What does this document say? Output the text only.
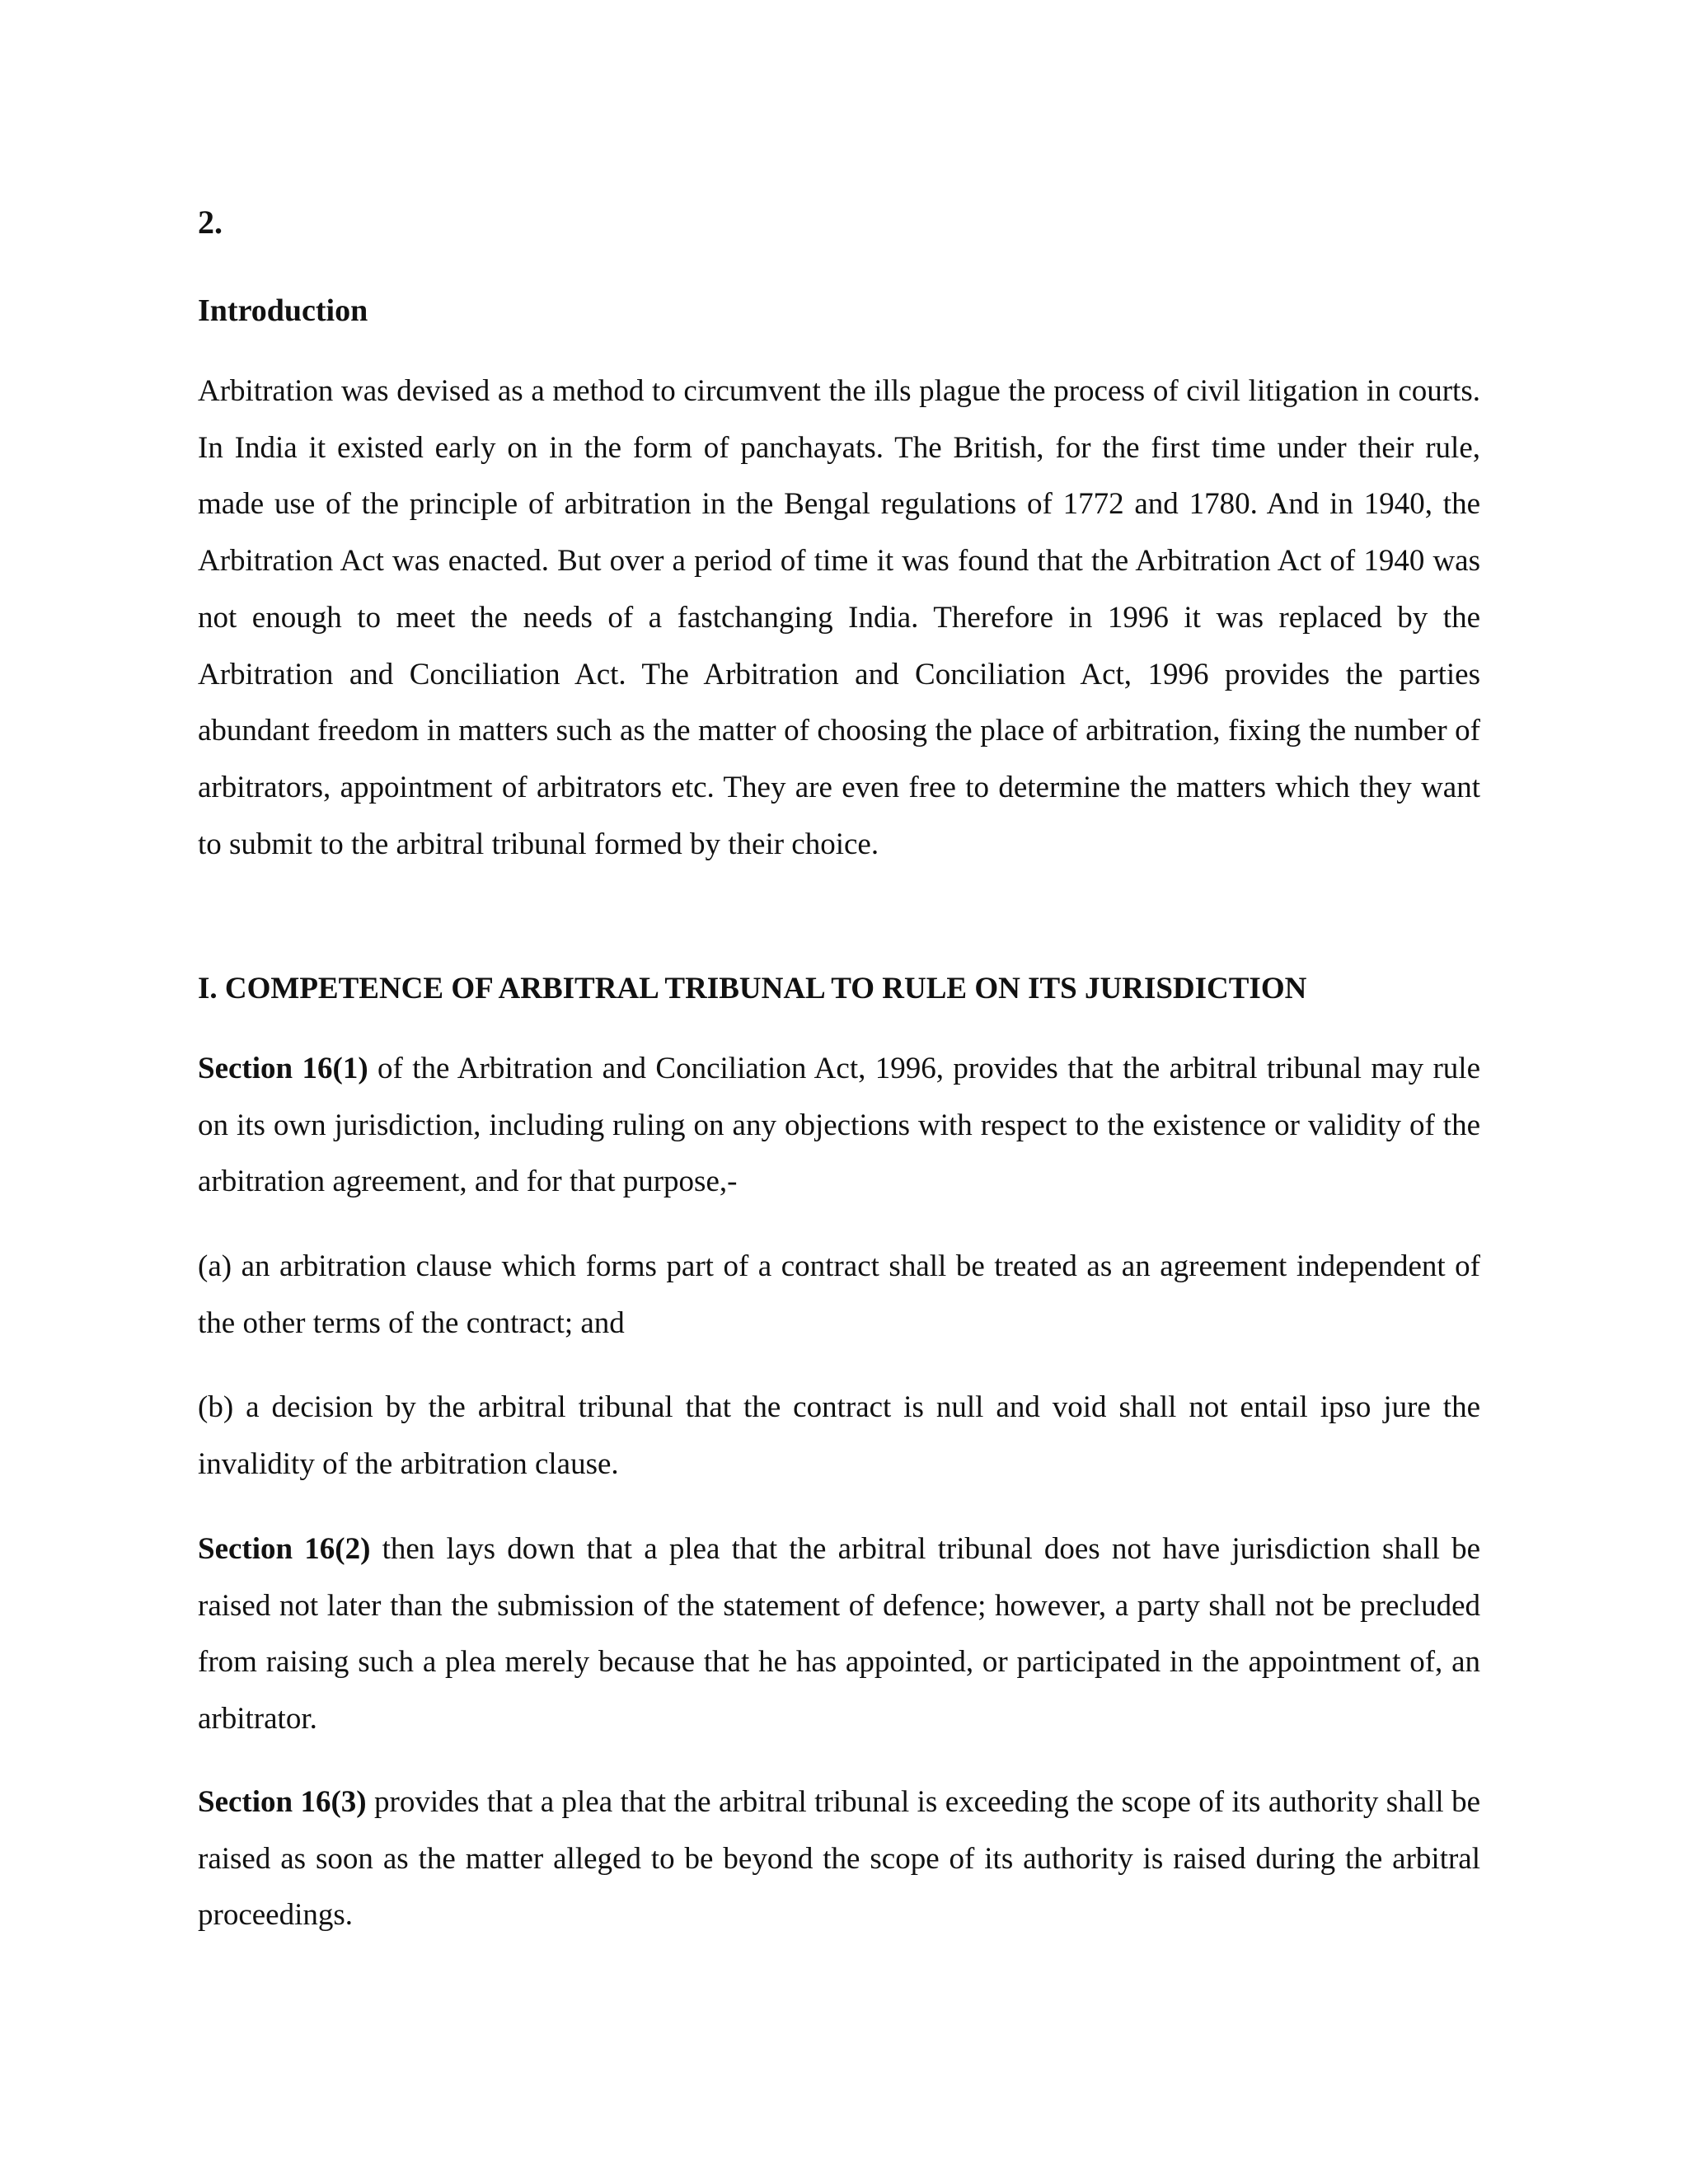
2.

Introduction

Arbitration was devised as a method to circumvent the ills plague the process of civil litigation in courts. In India it existed early on in the form of panchayats. The British, for the first time under their rule, made use of the principle of arbitration in the Bengal regulations of 1772 and 1780. And in 1940, the Arbitration Act was enacted. But over a period of time it was found that the Arbitration Act of 1940 was not enough to meet the needs of a fastchanging India. Therefore in 1996 it was replaced by the Arbitration and Conciliation Act. The Arbitration and Conciliation Act, 1996 provides the parties abundant freedom in matters such as the matter of choosing the place of arbitration, fixing the number of arbitrators, appointment of arbitrators etc. They are even free to determine the matters which they want to submit to the arbitral tribunal formed by their choice.

I. COMPETENCE OF ARBITRAL TRIBUNAL TO RULE ON ITS JURISDICTION

Section 16(1) of the Arbitration and Conciliation Act, 1996, provides that the arbitral tribunal may rule on its own jurisdiction, including ruling on any objections with respect to the existence or validity of the arbitration agreement, and for that purpose,-

(a) an arbitration clause which forms part of a contract shall be treated as an agreement independent of the other terms of the contract; and

(b) a decision by the arbitral tribunal that the contract is null and void shall not entail ipso jure the invalidity of the arbitration clause.

Section 16(2) then lays down that a plea that the arbitral tribunal does not have jurisdiction shall be raised not later than the submission of the statement of defence; however, a party shall not be precluded from raising such a plea merely because that he has appointed, or participated in the appointment of, an arbitrator.

Section 16(3) provides that a plea that the arbitral tribunal is exceeding the scope of its authority shall be raised as soon as the matter alleged to be beyond the scope of its authority is raised during the arbitral proceedings.
